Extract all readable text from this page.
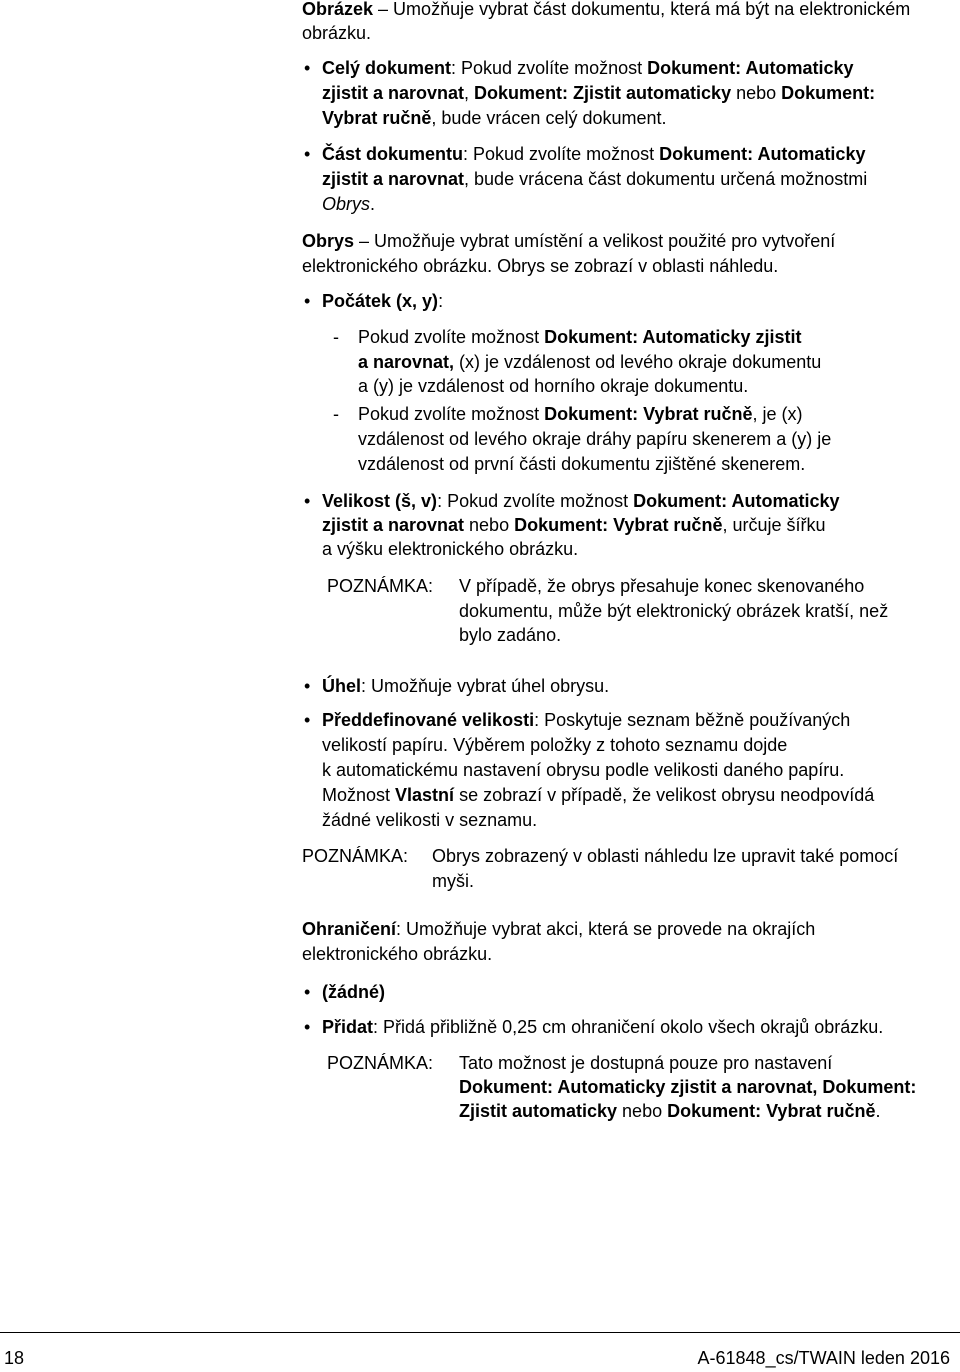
Obrázek – Umožňuje vybrat část dokumentu, která má být na elektronickém

obrázku.

• Celý dokument: Pokud zvolíte možnost Dokument: Automaticky

zjistit a narovnat, Dokument: Zjistit automaticky nebo Dokument:

Vybrat ručně, bude vrácen celý dokument.

• Část dokumentu: Pokud zvolíte možnost Dokument: Automaticky

zjistit a narovnat, bude vrácena část dokumentu určená možnostmi

Obrys.

Obrys – Umožňuje vybrat umístění a velikost použité pro vytvoření

elektronického obrázku. Obrys se zobrazí v oblasti náhledu.

• Počátek (x, y):

- Pokud zvolíte možnost Dokument: Automaticky zjistit

a narovnat, (x) je vzdálenost od levého okraje dokumentu

a (y) je vzdálenost od horního okraje dokumentu.

- Pokud zvolíte možnost Dokument: Vybrat ručně, je (x)

vzdálenost od levého okraje dráhy papíru skenerem a (y) je

vzdálenost od první části dokumentu zjištěné skenerem.

• Velikost (š, v): Pokud zvolíte možnost Dokument: Automaticky

zjistit a narovnat nebo Dokument: Vybrat ručně, určuje šířku

a výšku elektronického obrázku.

POZNÁMKA: V případě, že obrys přesahuje konec skenovaného

dokumentu, může být elektronický obrázek kratší, než

bylo zadáno.

• Úhel: Umožňuje vybrat úhel obrysu.

• Předdefinované velikosti: Poskytuje seznam běžně používaných

velikostí papíru. Výběrem položky z tohoto seznamu dojde

k automatickému nastavení obrysu podle velikosti daného papíru.

Možnost Vlastní se zobrazí v případě, že velikost obrysu neodpovídá

žádné velikosti v seznamu.

POZNÁMKA: Obrys zobrazený v oblasti náhledu lze upravit také pomocí

myši.

Ohraničení: Umožňuje vybrat akci, která se provede na okrajích

elektronického obrázku.

• (žádné)

• Přidat: Přidá přibližně 0,25 cm ohraničení okolo všech okrajů obrázku.

POZNÁMKA: Tato možnost je dostupná pouze pro nastavení

Dokument: Automaticky zjistit a narovnat, Dokument:

Zjistit automaticky nebo Dokument: Vybrat ručně.

18	A-61848_cs/TWAIN leden 2016
